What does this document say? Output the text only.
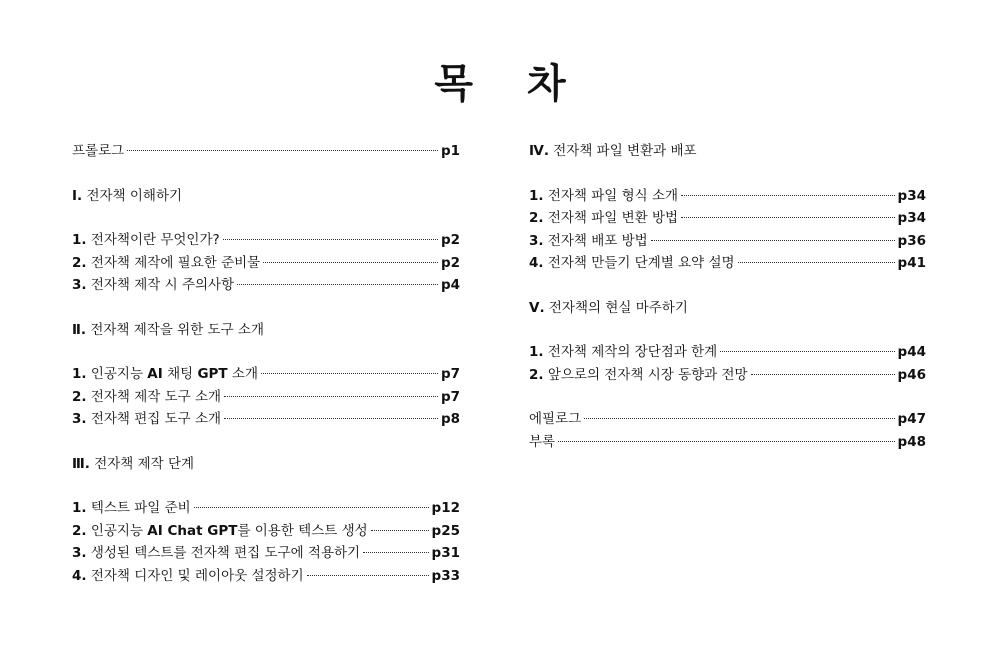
목 차
프롤로그	p1
Ⅰ. 전자책 이해하기
1. 전자책이란 무엇인가?	p2
2. 전자책 제작에 필요한 준비물	p2
3. 전자책 제작 시 주의사항	p4
Ⅱ. 전자책 제작을 위한 도구 소개
1. 인공지능 AI 채팅 GPT 소개	p7
2. 전자책 제작 도구 소개	p7
3. 전자책 편집 도구 소개	p8
Ⅲ. 전자책 제작 단계
1. 텍스트 파일 준비	p12
2. 인공지능 AI Chat GPT를 이용한 텍스트 생성	p25
3. 생성된 텍스트를 전자책 편집 도구에 적용하기	p31
4. 전자책 디자인 및 레이아웃 설정하기	p33
Ⅳ. 전자책 파일 변환과 배포
1. 전자책 파일 형식 소개	p34
2. 전자책 파일 변환 방법	p34
3. 전자책 배포 방법	p36
4. 전자책 만들기 단계별 요약 설명	p41
Ⅴ. 전자책의 현실 마주하기
1. 전자책 제작의 장단점과 한계	p44
2. 앞으로의 전자책 시장 동향과 전망	p46
에필로그	p47
부록	p48
